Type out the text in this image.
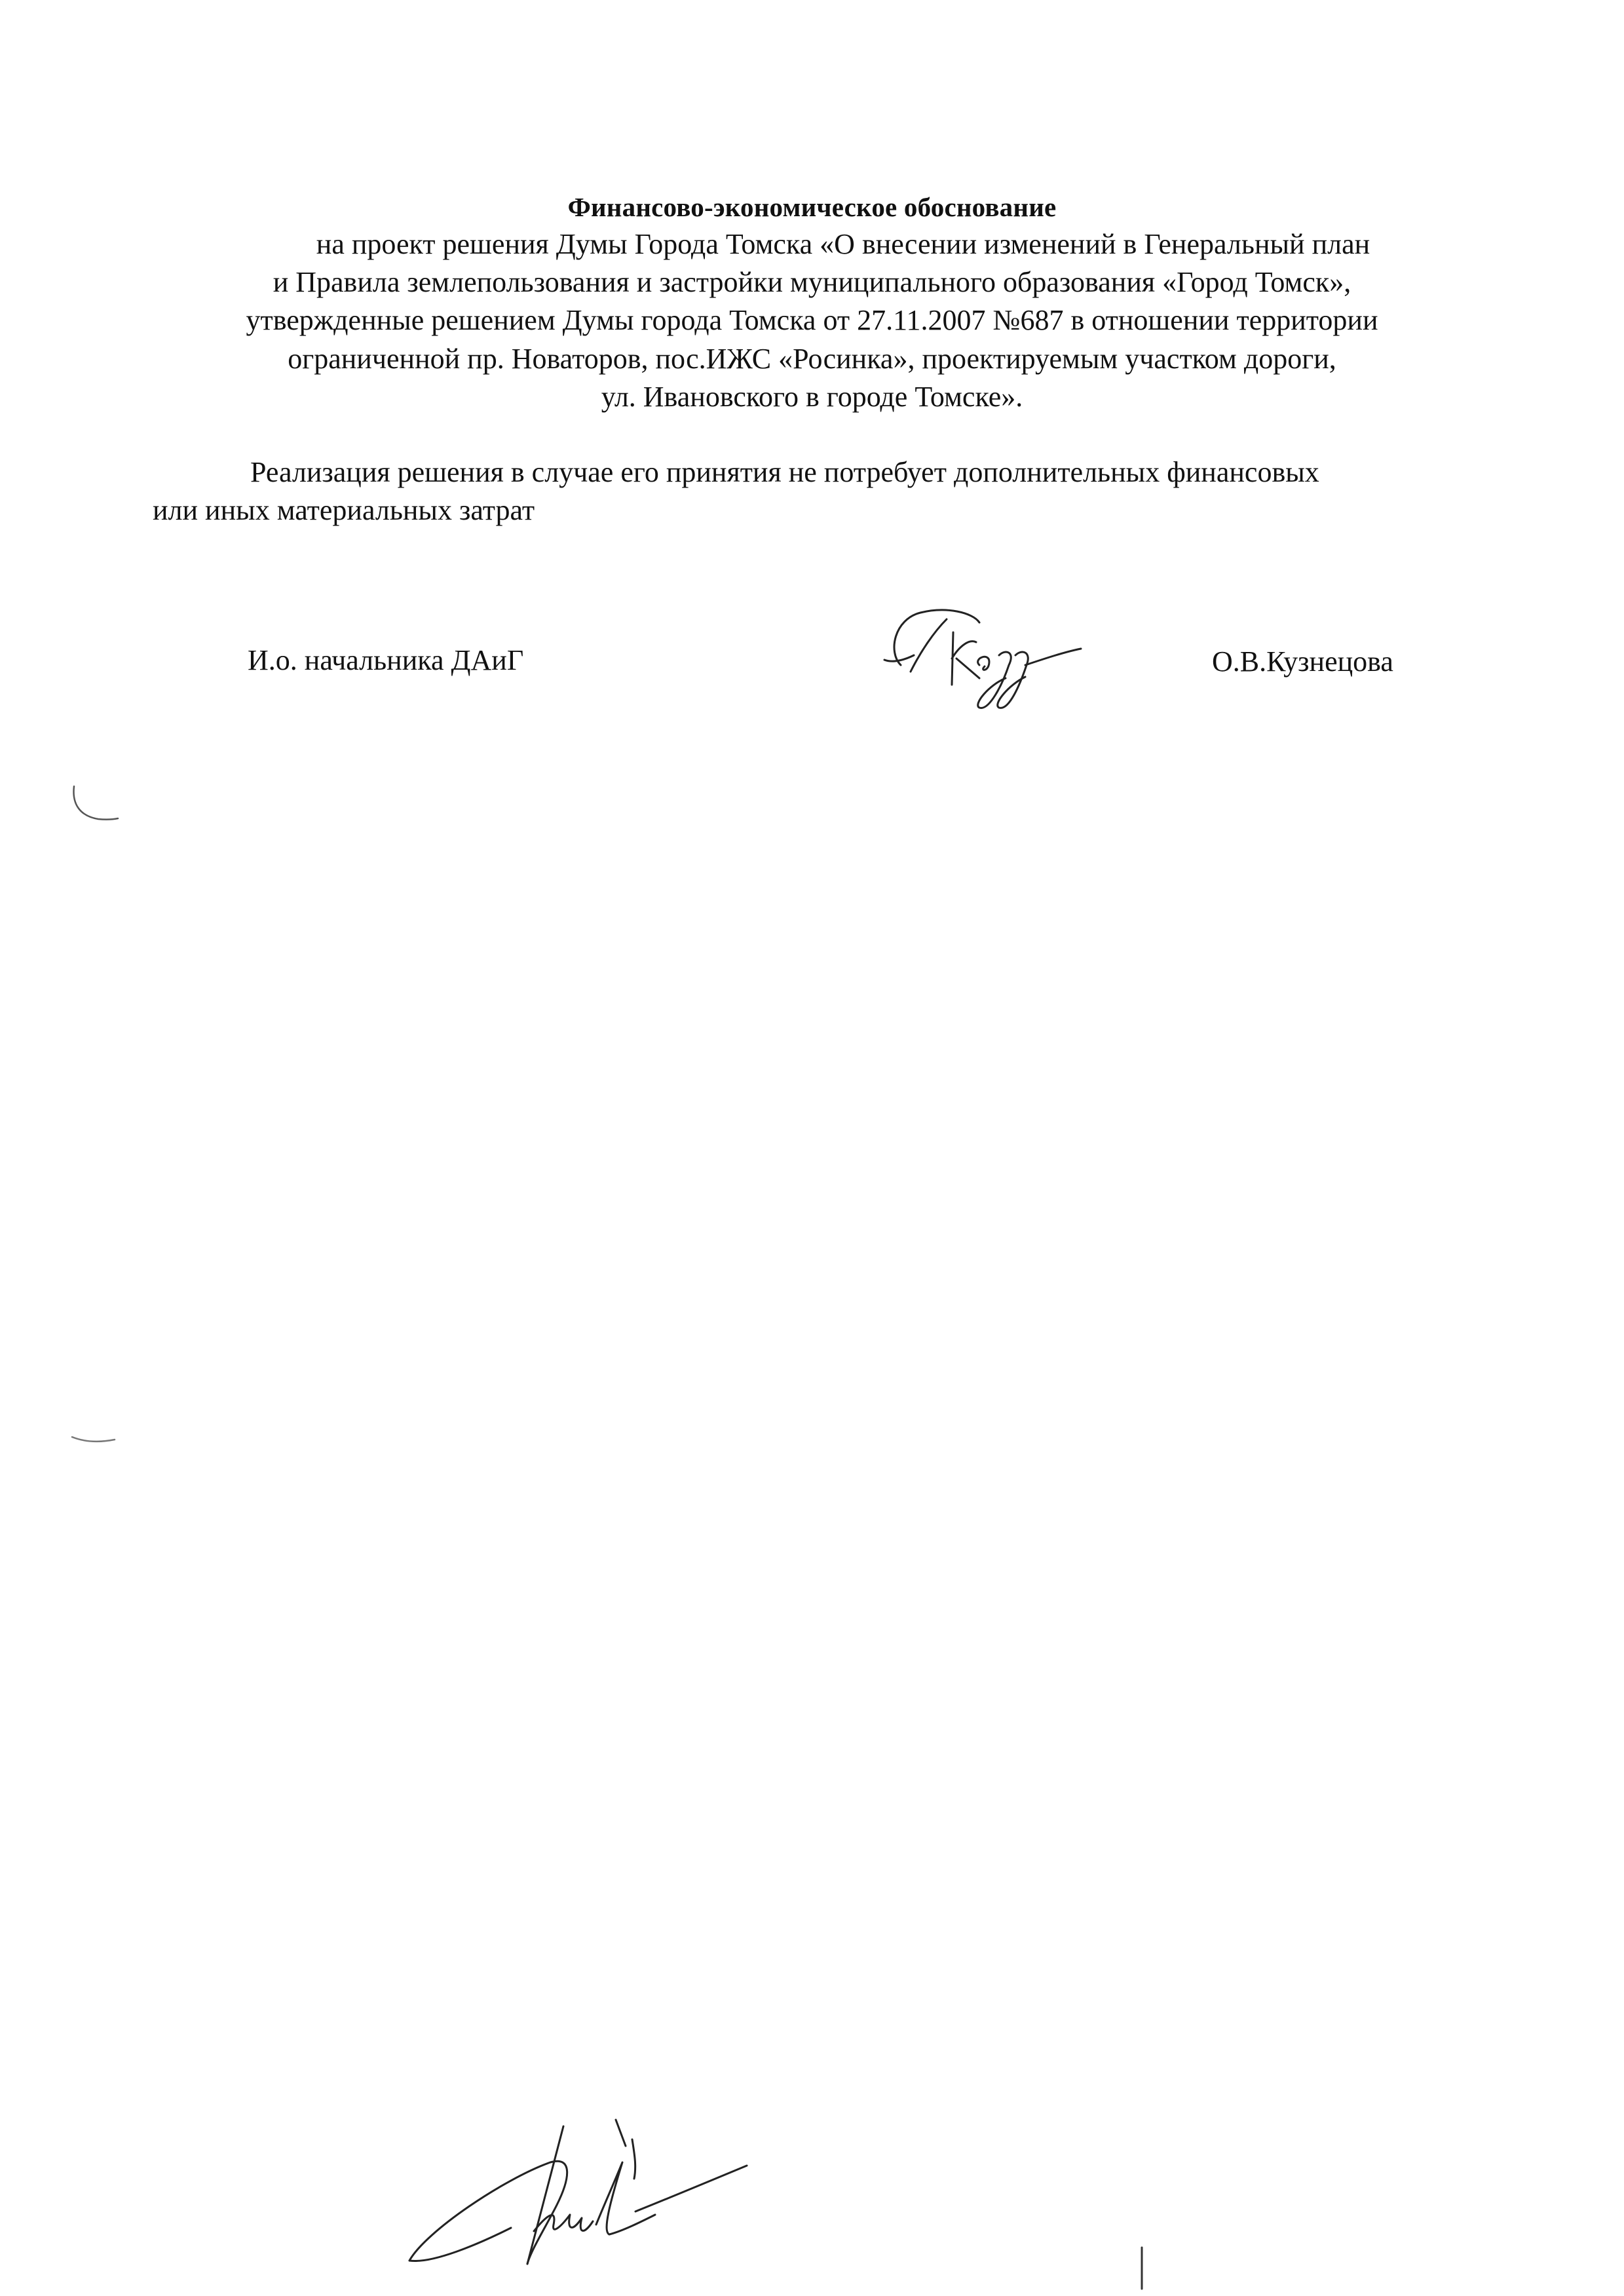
Финансово-экономическое обоснование
на проект решения Думы Города Томска «О внесении изменений в Генеральный план
и Правила землепользования и застройки муниципального образования «Город Томск»,
утвержденные решением Думы города Томска от 27.11.2007 №687 в отношении территории
ограниченной пр. Новаторов, пос.ИЖС «Росинка», проектируемым участком дороги,
ул. Ивановского в городе Томске».
Реализация решения в случае его принятия не потребует дополнительных финансовых
или иных материальных затрат
И.о. начальника ДАиГ	О.В.Кузнецова
